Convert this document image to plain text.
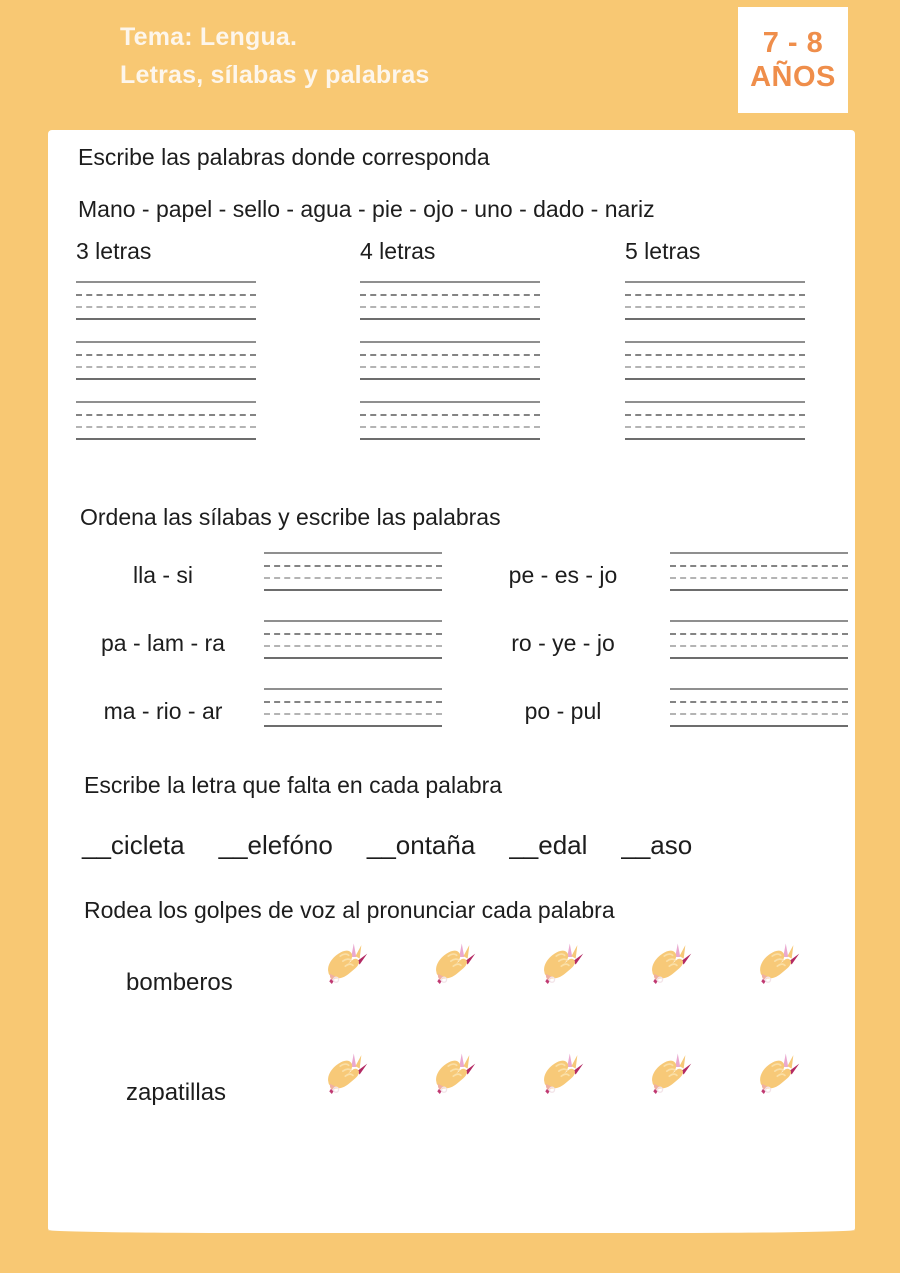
Tema: Lengua.
Letras, sílabas y palabras
7 - 8
AÑOS
Escribe las palabras donde corresponda
Mano - papel - sello - agua - pie - ojo - uno - dado - nariz
3 letras	4 letras	5 letras
Ordena las sílabas y escribe las palabras
lla - si	pe - es - jo
pa - lam - ra	ro - ye - jo
ma - rio - ar	po - pul
Escribe la letra que falta en cada palabra
__cicleta __elefóno __ontaña __edal __aso
Rodea los golpes de voz al pronunciar cada palabra
bomberos
zapatillas
